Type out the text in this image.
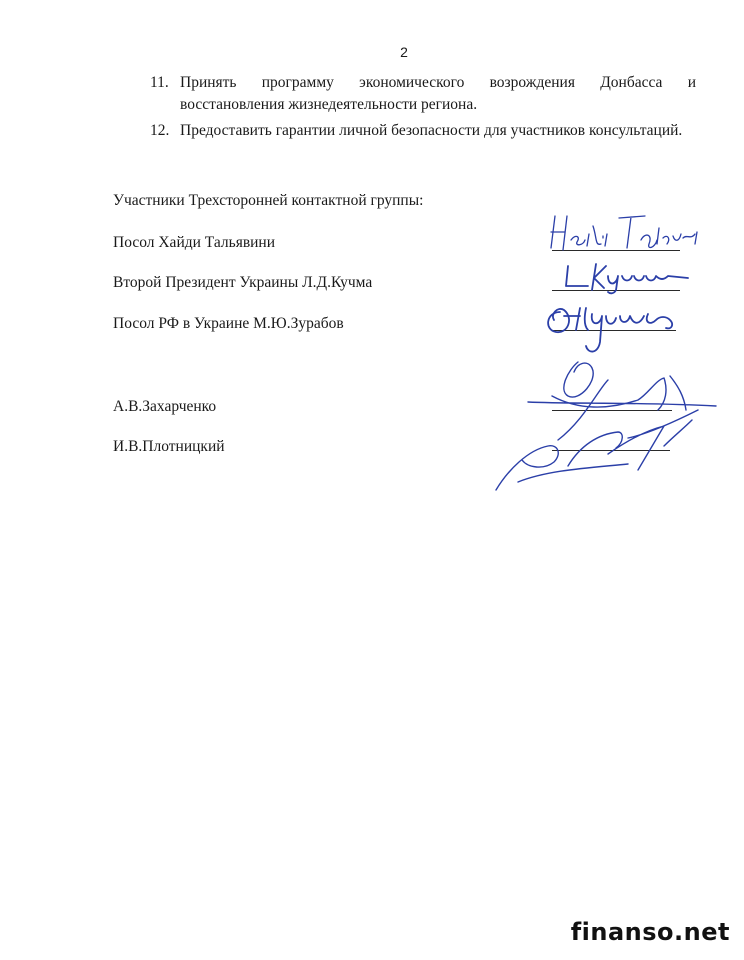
2
11. Принять программу экономического возрождения Донбасса и восстановления жизнедеятельности региона.
12. Предоставить гарантии личной безопасности для участников консультаций.
Участники Трехсторонней контактной группы:
Посол Хайди Тальявини
Второй Президент Украины Л.Д.Кучма
Посол РФ в Украине М.Ю.Зурабов
А.В.Захарченко
И.В.Плотницкий
finanso.net
